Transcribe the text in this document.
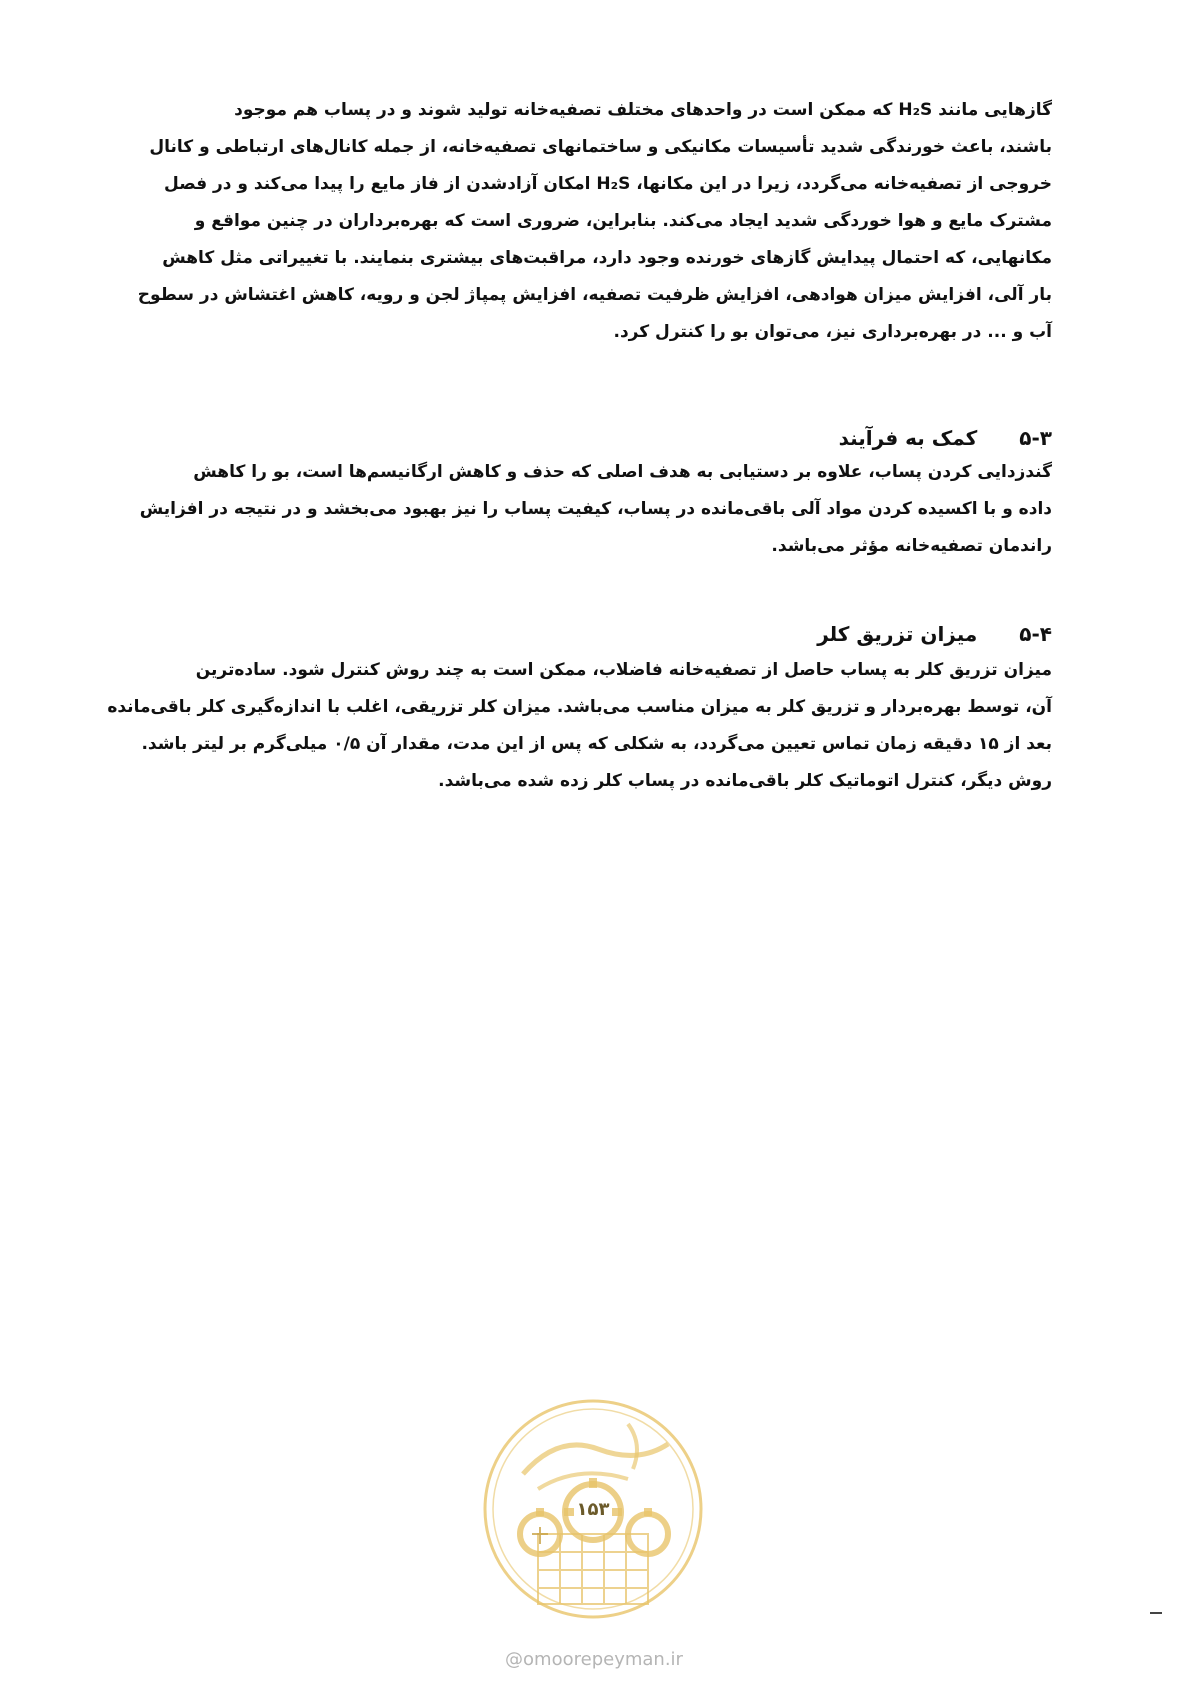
گازهایی مانند H₂S که ممکن است در واحدهای مختلف تصفیه‌خانه تولید شوند و در پساب هم موجود
باشند، باعث خورندگی شدید تأسیسات مکانیکی و ساختمانهای تصفیه‌خانه، از جمله کانال‌های ارتباطی و کانال
خروجی از تصفیه‌خانه می‌گردد، زیرا در این مکانها، H₂S امکان آزادشدن از فاز مایع را پیدا می‌کند و در فصل
مشترک مایع و هوا خوردگی شدید ایجاد می‌کند. بنابراین، ضروری است که بهره‌برداران در چنین مواقع و
مکانهایی، که احتمال پیدایش گازهای خورنده وجود دارد، مراقبت‌های بیشتری بنمایند. با تغییراتی مثل کاهش
بار آلی، افزایش میزان هوادهی، افزایش ظرفیت تصفیه، افزایش پمپاژ لجن و رویه، کاهش اغتشاش در سطوح
آب و ... در بهره‌برداری نیز، می‌توان بو را کنترل کرد.
۵-۳کمک به فرآیند
گندزدایی کردن پساب، علاوه بر دستیابی به هدف اصلی که حذف و کاهش ارگانیسم‌ها است، بو را کاهش
داده و با اکسیده کردن مواد آلی باقی‌مانده در پساب، کیفیت پساب را نیز بهبود می‌بخشد و در نتیجه در افزایش
راندمان تصفیه‌خانه مؤثر می‌باشد.
۵-۴میزان تزریق کلر
میزان تزریق کلر به پساب حاصل از تصفیه‌خانه فاضلاب، ممکن است به چند روش کنترل شود. ساده‌ترین
آن، توسط بهره‌بردار و تزریق کلر به میزان مناسب می‌باشد. میزان کلر تزریقی، اغلب با اندازه‌گیری کلر باقی‌مانده
بعد از ۱۵ دقیقه زمان تماس تعیین می‌گردد، به شکلی که پس از این مدت، مقدار آن ۰/۵ میلی‌گرم بر لیتر باشد.
روش دیگر، کنترل اتوماتیک کلر باقی‌مانده در پساب کلر زده شده می‌باشد.
۱۵۳
@omoorepeyman.ir
